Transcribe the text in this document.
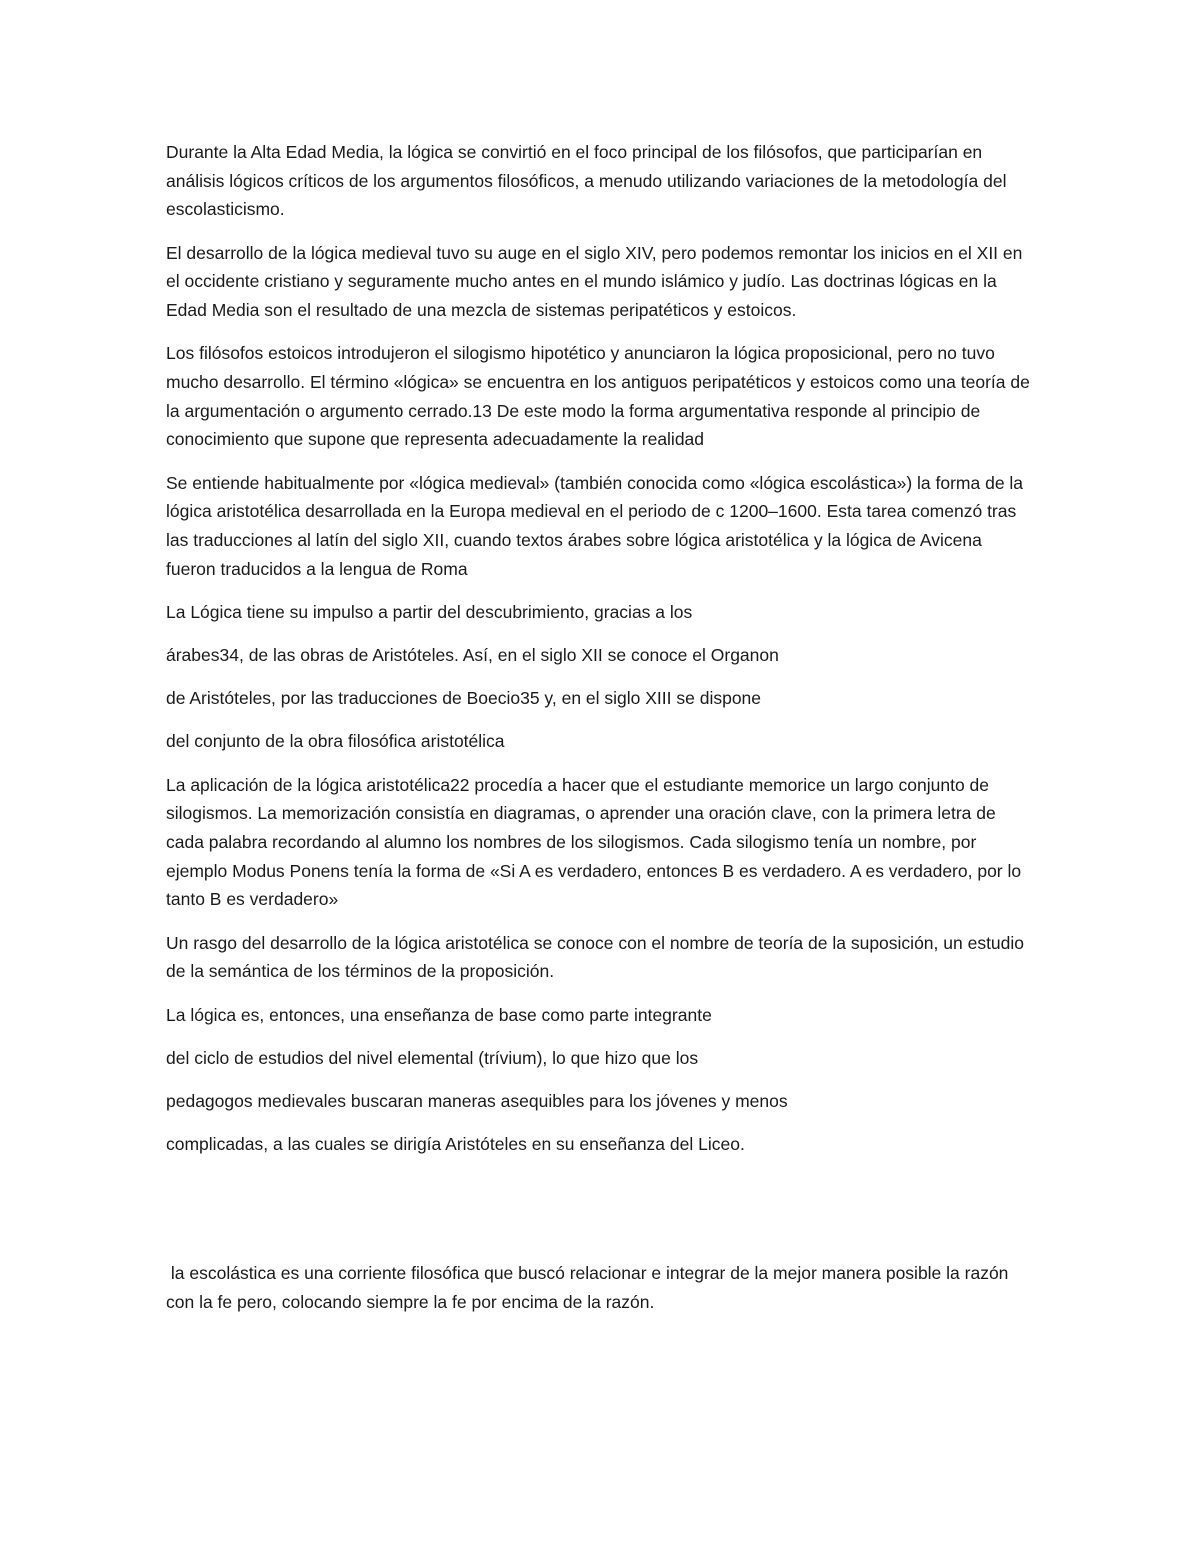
Durante la Alta Edad Media, la lógica se convirtió en el foco principal de los filósofos, que participarían en análisis lógicos críticos de los argumentos filosóficos, a menudo utilizando variaciones de la metodología del escolasticismo.

El desarrollo de la lógica medieval tuvo su auge en el siglo XIV, pero podemos remontar los inicios en el XII en el occidente cristiano y seguramente mucho antes en el mundo islámico y judío. Las doctrinas lógicas en la Edad Media son el resultado de una mezcla de sistemas peripatéticos y estoicos.

Los filósofos estoicos introdujeron el silogismo hipotético y anunciaron la lógica proposicional, pero no tuvo mucho desarrollo. El término «lógica» se encuentra en los antiguos peripatéticos y estoicos como una teoría de la argumentación o argumento cerrado.13 De este modo la forma argumentativa responde al principio de conocimiento que supone que representa adecuadamente la realidad

Se entiende habitualmente por «lógica medieval» (también conocida como «lógica escolástica») la forma de la lógica aristotélica desarrollada en la Europa medieval en el periodo de c 1200–1600. Esta tarea comenzó tras las traducciones al latín del siglo XII, cuando textos árabes sobre lógica aristotélica y la lógica de Avicena fueron traducidos a la lengua de Roma

La Lógica tiene su impulso a partir del descubrimiento, gracias a los

árabes34, de las obras de Aristóteles. Así, en el siglo XII se conoce el Organon

de Aristóteles, por las traducciones de Boecio35 y, en el siglo XIII se dispone

del conjunto de la obra filosófica aristotélica

La aplicación de la lógica aristotélica22 procedía a hacer que el estudiante memorice un largo conjunto de silogismos. La memorización consistía en diagramas, o aprender una oración clave, con la primera letra de cada palabra recordando al alumno los nombres de los silogismos. Cada silogismo tenía un nombre, por ejemplo Modus Ponens tenía la forma de «Si A es verdadero, entonces B es verdadero. A es verdadero, por lo tanto B es verdadero»

Un rasgo del desarrollo de la lógica aristotélica se conoce con el nombre de teoría de la suposición, un estudio de la semántica de los términos de la proposición.

La lógica es, entonces, una enseñanza de base como parte integrante

del ciclo de estudios del nivel elemental (trívium), lo que hizo que los

pedagogos medievales buscaran maneras asequibles para los jóvenes y menos

complicadas, a las cuales se dirigía Aristóteles en su enseñanza del Liceo.

la escolástica es una corriente filosófica que buscó relacionar e integrar de la mejor manera posible la razón con la fe pero, colocando siempre la fe por encima de la razón.
